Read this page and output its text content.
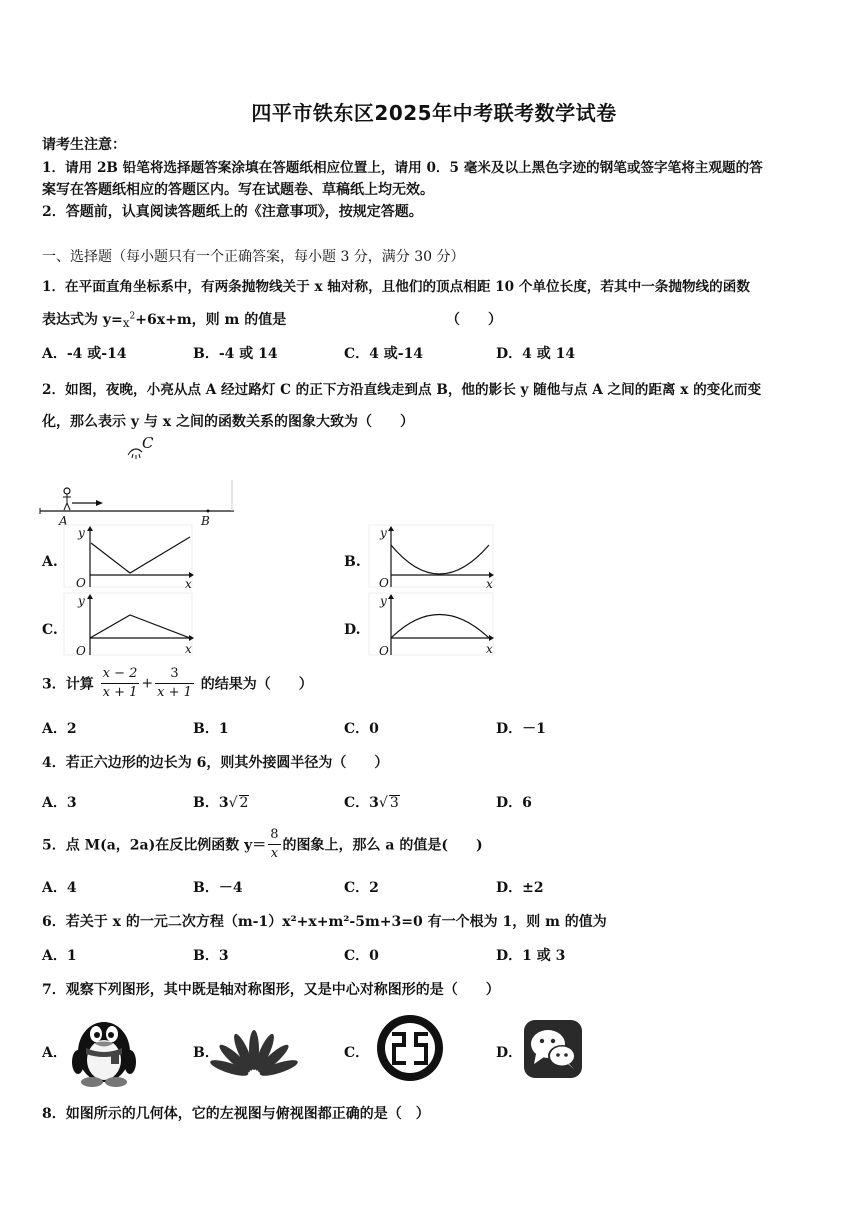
四平市铁东区2025年中考联考数学试卷
请考生注意：
1．请用 2B 铅笔将选择题答案涂填在答题纸相应位置上，请用 0．5 毫米及以上黑色字迹的钢笔或签字笔将主观题的答
案写在答题纸相应的答题区内。写在试题卷、草稿纸上均无效。
2．答题前，认真阅读答题纸上的《注意事项》，按规定答题。
一、选择题（每小题只有一个正确答案，每小题 3 分，满分 30 分）
1．在平面直角坐标系中，有两条抛物线关于 x 轴对称，且他们的顶点相距 10 个单位长度，若其中一条抛物线的函数
表达式为 $y=x^2+6x+m$，则 m 的值是	（　　）
A．-4 或-14	B．-4 或 14	C．4 或-14	D．4 或 14
2．如图，夜晚，小亮从点 A 经过路灯 C 的正下方沿直线走到点 B，他的影长 y 随他与点 A 之间的距离 x 的变化而变
化，那么表示 y 与 x 之间的函数关系的图象大致为（　　）
C
A	B
A.
y
O	x
B.
y
O	x
C.
y
O	x
D.
y
O	x
3．计算 $\frac{x - 2}{x + 1} + \frac{3}{x + 1}$ 的结果为（　　）
A．2	B．1	C．0	D．－1
4．若正六边形的边长为 6，则其外接圆半径为（　　）
A．3	B．3√ 2	C．3√ 3	D．6
5．点 M(a，2a)在反比例函数 $y= \frac{8}{x}$ 的图象上，那么 a 的值是(　　)
A．4	B．－4	C．2	D．±2
6．若关于 x 的一元二次方程（m-1）x²+x+m²-5m+3=0 有一个根为 1，则 m 的值为
A．1	B．3	C．0	D．1 或 3
7．观察下列图形，其中既是轴对称图形，又是中心对称图形的是（　　）
A．	B．	C．	D．
8．如图所示的几何体，它的左视图与俯视图都正确的是（　）
